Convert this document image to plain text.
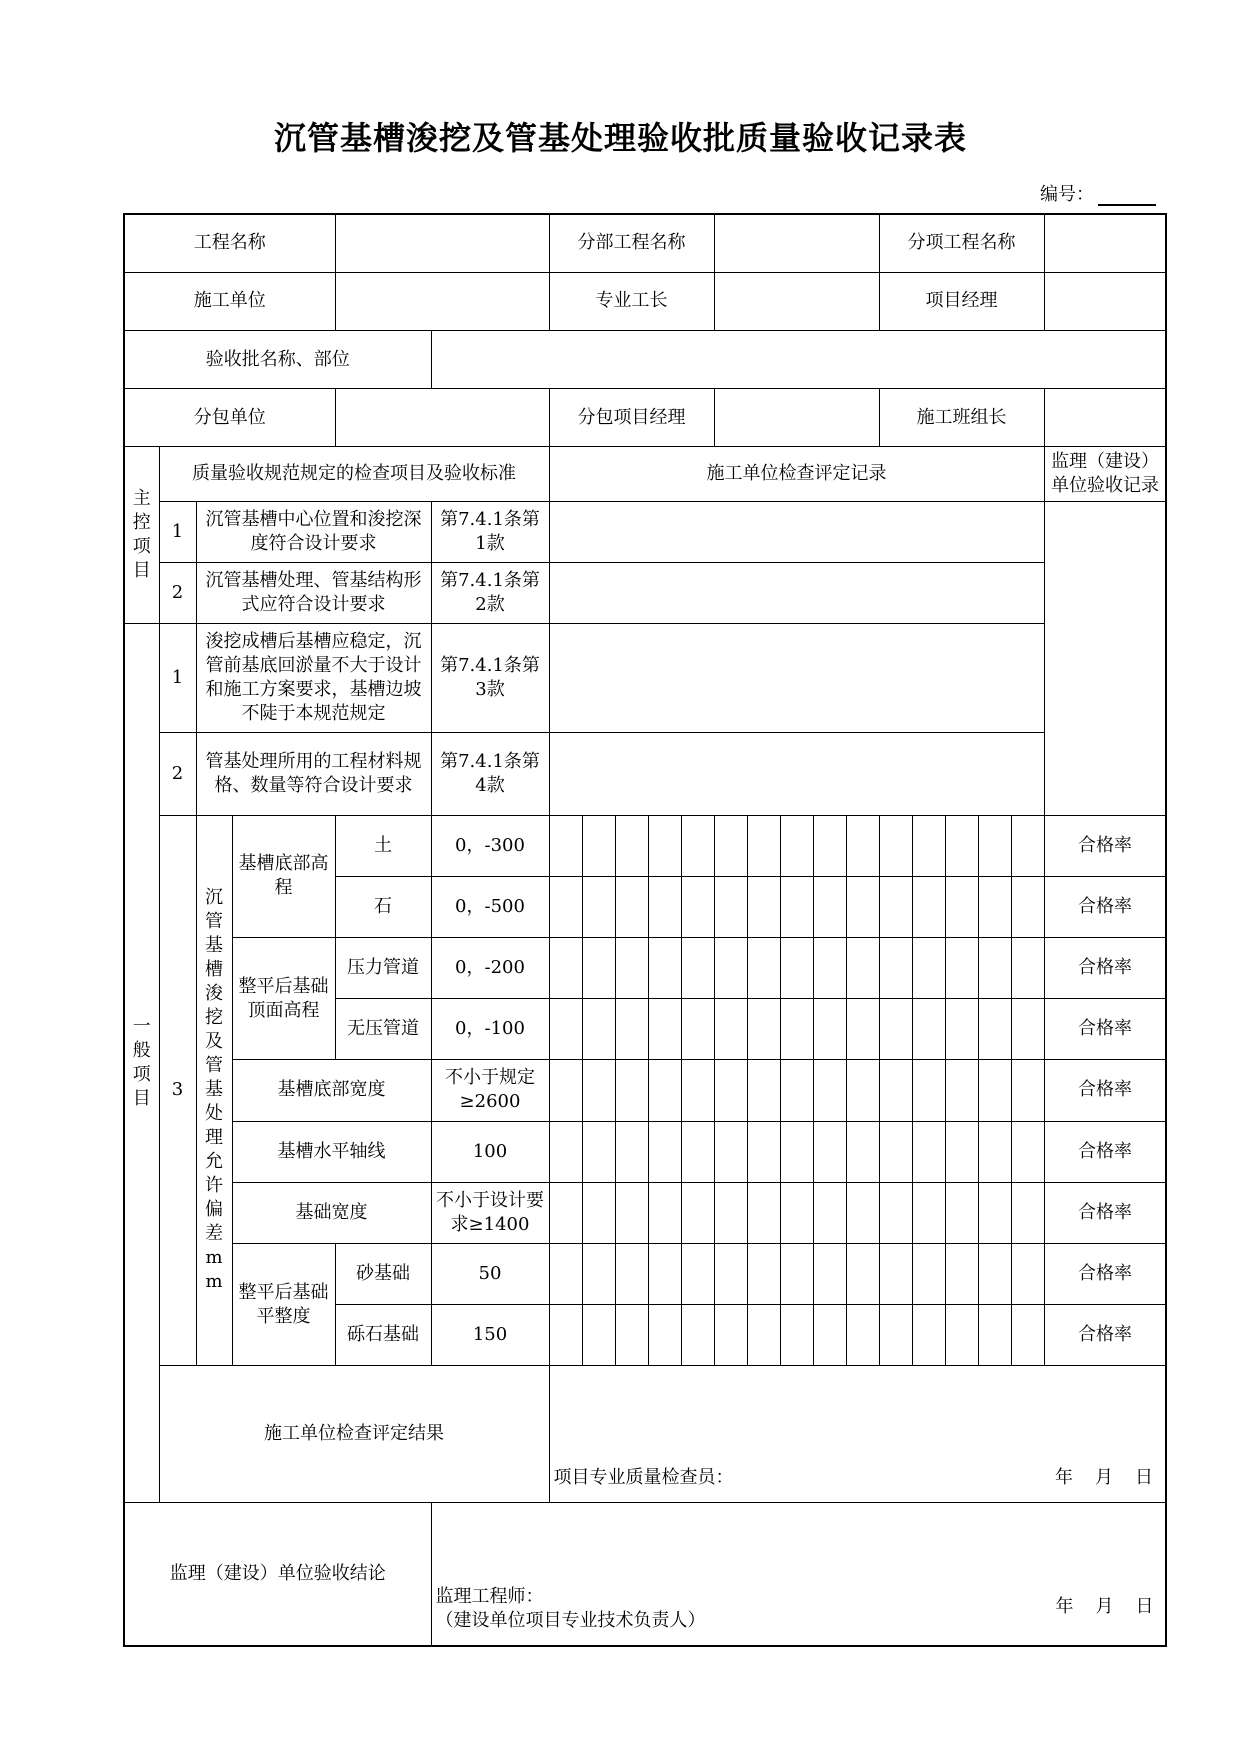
沉管基槽浚挖及管基处理验收批质量验收记录表
编号：
工程名称						分部工程名称										分项工程名称					
施工单位						专业工长										项目经理					
验收批名称、部位																					
分包单位						分包项目经理										施工班组长					
主控项目	质量验收规范规定的检查项目及验收标准					施工单位检查评定记录															监理（建设）单位验收记录
	1	沉管基槽中心位置和浚挖深度符合设计要求			第7.4.1条第1款																
	2	沉管基槽处理、管基结构形式应符合设计要求			第7.4.1条第2款																
一般项目	1	浚挖成槽后基槽应稳定，沉管前基底回淤量不大于设计和施工方案要求，基槽边坡不陡于本规范规定			第7.4.1条第3款																
	2	管基处理所用的工程材料规格、数量等符合设计要求			第7.4.1条第4款																
	3	沉管基槽浚挖及管基处理允许偏差mm	基槽底部高程	土	0，-300																合格率
				石	0，-500																合格率
			整平后基础顶面高程	压力管道	0，-200																合格率
				无压管道	0，-100																合格率
			基槽底部宽度		不小于规定≥2600																合格率
			基槽水平轴线		100																合格率
			基础宽度		不小于设计要求≥1400																合格率
			整平后基础平整度	砂基础	50																合格率
				砾石基础	150																合格率
	施工单位检查评定结果					项目专业质量检查员： 年 月 日															

监理（建设）单位验收结论					监理工程师：
（建设单位项目专业技术负责人）
年 月 日																
